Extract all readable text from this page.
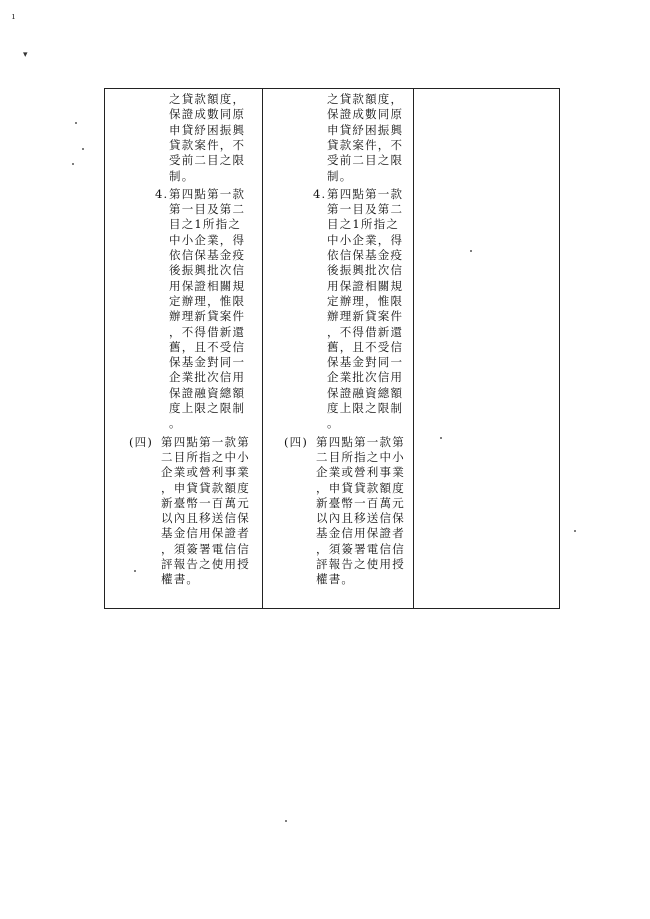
ı
▾
之貸款額度，
保證成數同原
申貸紓困振興
貸款案件，不
受前二目之限
制。
4. 第四點第一款
第一目及第二
目之1所指之
中小企業，得
依信保基金疫
後振興批次信
用保證相關規
定辦理，惟限
辦理新貸案件
，不得借新還
舊，且不受信
保基金對同一
企業批次信用
保證融資總額
度上限之限制
。
(四) 第四點第一款第
二目所指之中小
企業或營利事業
，申貸貸款額度
新臺幣一百萬元
以內且移送信保
基金信用保證者
，須簽署電信信
評報告之使用授
權書。

之貸款額度，
保證成數同原
申貸紓困振興
貸款案件，不
受前二目之限
制。
4. 第四點第一款
第一目及第二
目之1所指之
中小企業，得
依信保基金疫
後振興批次信
用保證相關規
定辦理，惟限
辦理新貸案件
，不得借新還
舊，且不受信
保基金對同一
企業批次信用
保證融資總額
度上限之限制
。
(四) 第四點第一款第
二目所指之中小
企業或營利事業
，申貸貸款額度
新臺幣一百萬元
以內且移送信保
基金信用保證者
，須簽署電信信
評報告之使用授
權書。
